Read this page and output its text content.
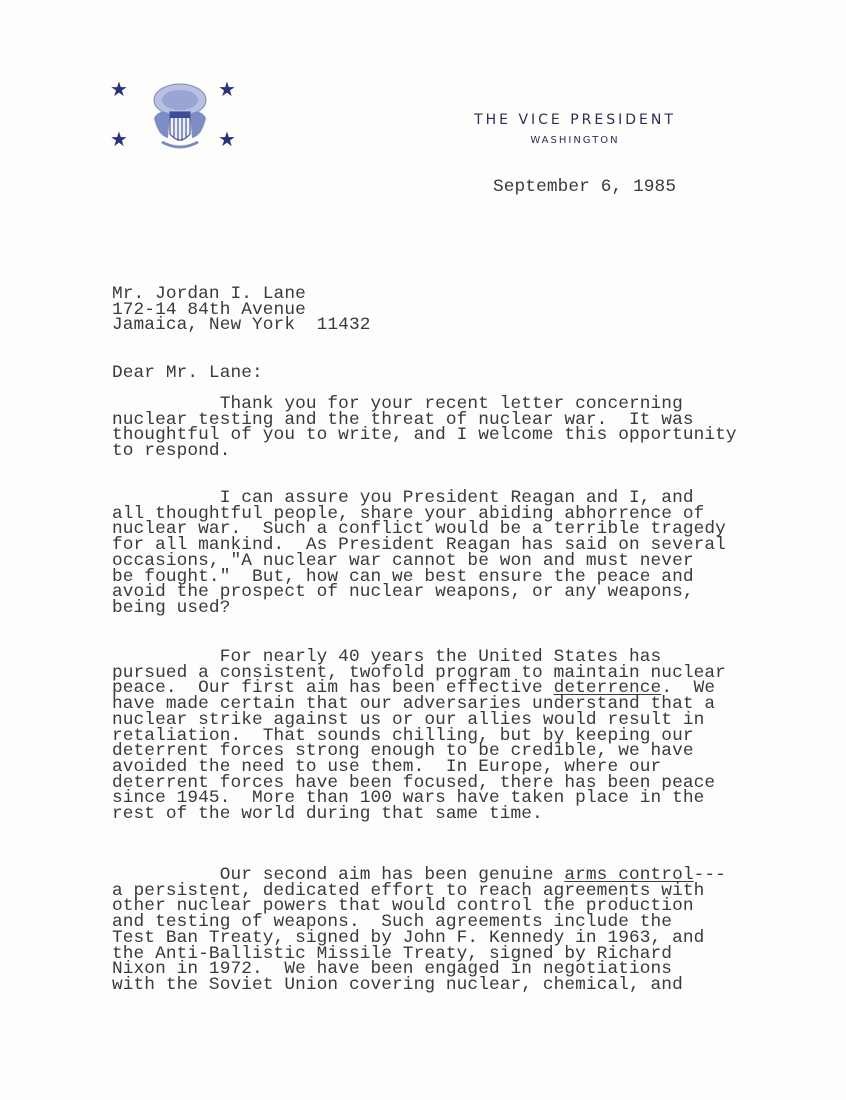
★	★
★	★
THE VICE PRESIDENT
WASHINGTON
September 6, 1985
Mr. Jordan I. Lane
172-14 84th Avenue
Jamaica, New York  11432
Dear Mr. Lane:
Thank you for your recent letter concerning
nuclear testing and the threat of nuclear war.  It was
thoughtful of you to write, and I welcome this opportunity
to respond.
I can assure you President Reagan and I, and
all thoughtful people, share your abiding abhorrence of
nuclear war.  Such a conflict would be a terrible tragedy
for all mankind.  As President Reagan has said on several
occasions, "A nuclear war cannot be won and must never
be fought."  But, how can we best ensure the peace and
avoid the prospect of nuclear weapons, or any weapons,
being used?
For nearly 40 years the United States has
pursued a consistent, twofold program to maintain nuclear
peace.  Our first aim has been effective deterrence.  We
have made certain that our adversaries understand that a
nuclear strike against us or our allies would result in
retaliation.  That sounds chilling, but by keeping our
deterrent forces strong enough to be credible, we have
avoided the need to use them.  In Europe, where our
deterrent forces have been focused, there has been peace
since 1945.  More than 100 wars have taken place in the
rest of the world during that same time.
Our second aim has been genuine arms control---
a persistent, dedicated effort to reach agreements with
other nuclear powers that would control the production
and testing of weapons.  Such agreements include the
Test Ban Treaty, signed by John F. Kennedy in 1963, and
the Anti-Ballistic Missile Treaty, signed by Richard
Nixon in 1972.  We have been engaged in negotiations
with the Soviet Union covering nuclear, chemical, and
